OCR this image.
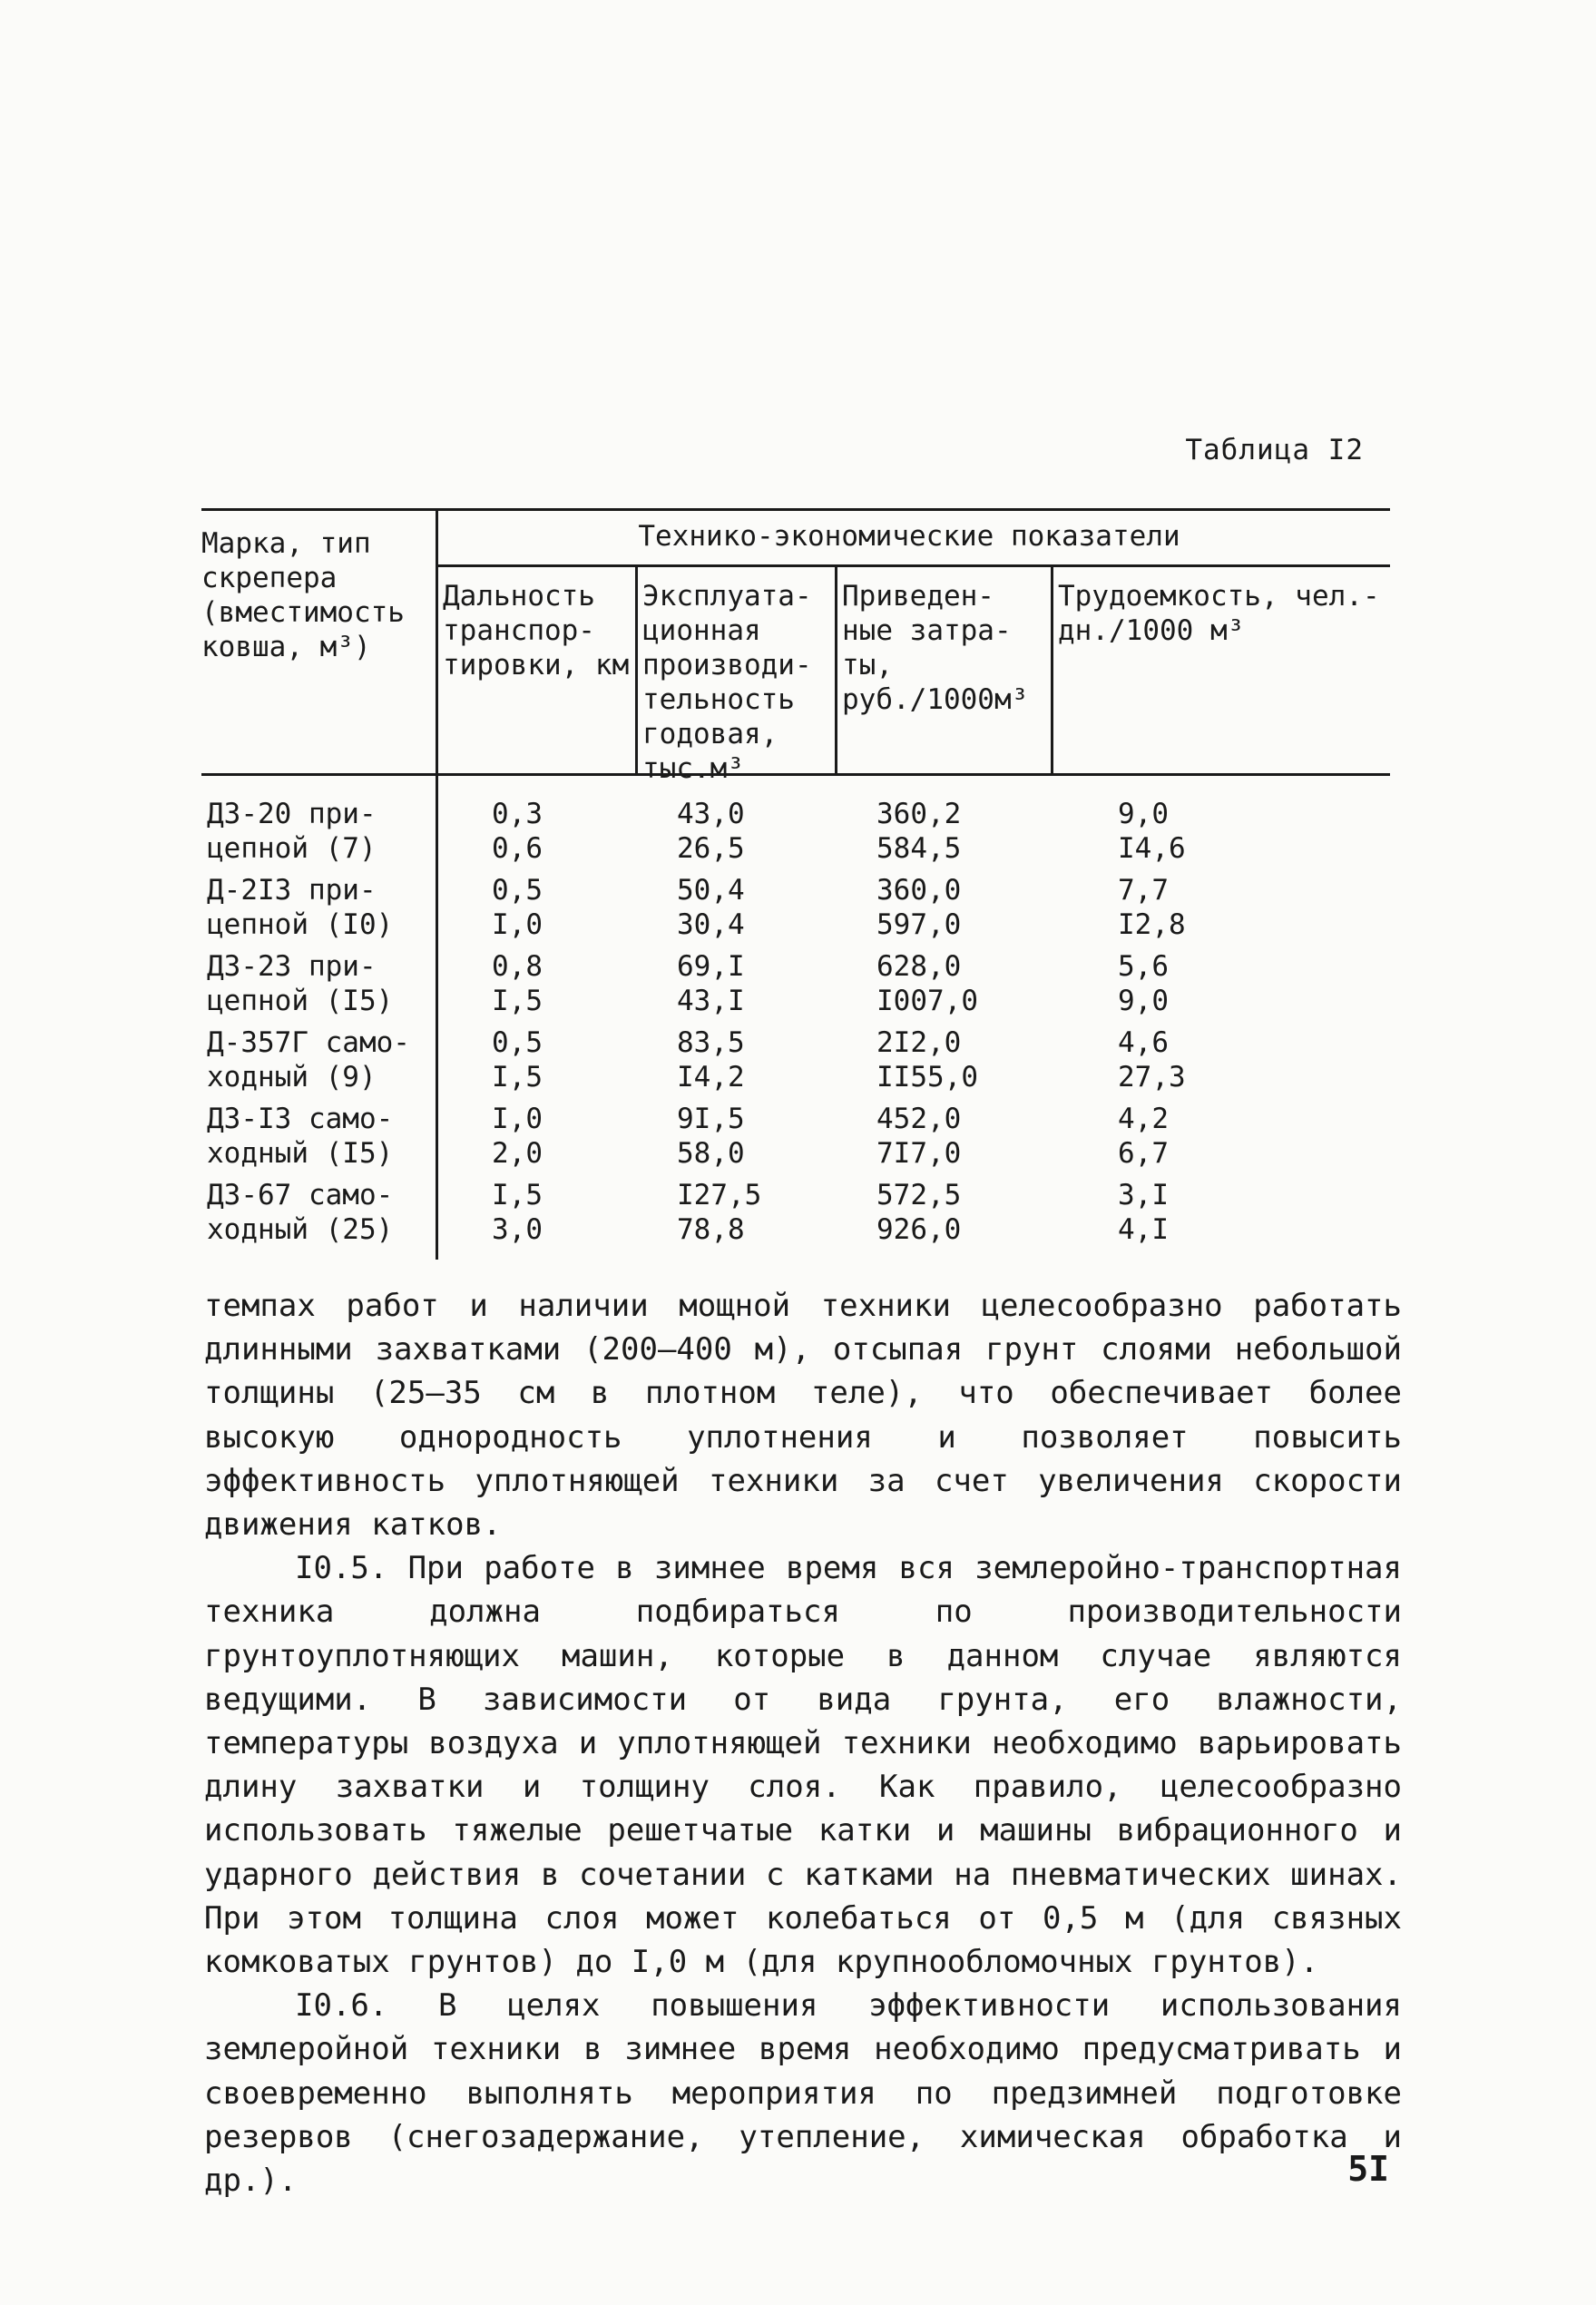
Таблица I2
Марка, тип скрепера (вместимость ковша, м³)
Технико-экономические показатели
Дальность транспор- тировки, км
Эксплуата- ционная производи- тельность годовая, тыс.м³
Приведен- ные затра- ты, руб./1000м³
Трудоемкость, чел.-дн./1000 м³
ДЗ-20 при- цепной (7)
0,3
0,6
43,0
26,5
360,2
584,5
9,0
I4,6
Д-2I3 при- цепной (I0)
0,5
I,0
50,4
30,4
360,0
597,0
7,7
I2,8
ДЗ-23 при- цепной (I5)
0,8
I,5
69,I
43,I
628,0
I007,0
5,6
9,0
Д-357Г само- ходный (9)
0,5
I,5
83,5
I4,2
2I2,0
II55,0
4,6
27,3
ДЗ-I3 само- ходный (I5)
I,0
2,0
9I,5
58,0
452,0
7I7,0
4,2
6,7
ДЗ-67 само- ходный (25)
I,5
3,0
I27,5
78,8
572,5
926,0
3,I
4,I

темпах работ и наличии мощной техники целесообразно работать длинными захватками (200–400 м), отсыпая грунт слоями небольшой толщины (25–35 см в плотном теле), что обеспечивает более высокую однородность уплотнения и позволяет повысить эффективность уплотняющей техники за счет увеличения скорости движения катков.

I0.5. При работе в зимнее время вся землеройно-транспортная техника должна подбираться по производительности грунтоуплотняющих машин, которые в данном случае являются ведущими. В зависимости от вида грунта, его влажности, температуры воздуха и уплотняющей техники необходимо варьировать длину захватки и толщину слоя. Как правило, целесообразно использовать тяжелые решетчатые катки и машины вибрационного и ударного действия в сочетании с катками на пневматических шинах. При этом толщина слоя может колебаться от 0,5 м (для связных комковатых грунтов) до I,0 м (для крупнообломочных грунтов).

I0.6. В целях повышения эффективности использования землеройной техники в зимнее время необходимо предусматривать и своевременно выполнять мероприятия по предзимней подготовке резервов (снегозадержание, утепление, химическая обработка и др.).	5I
